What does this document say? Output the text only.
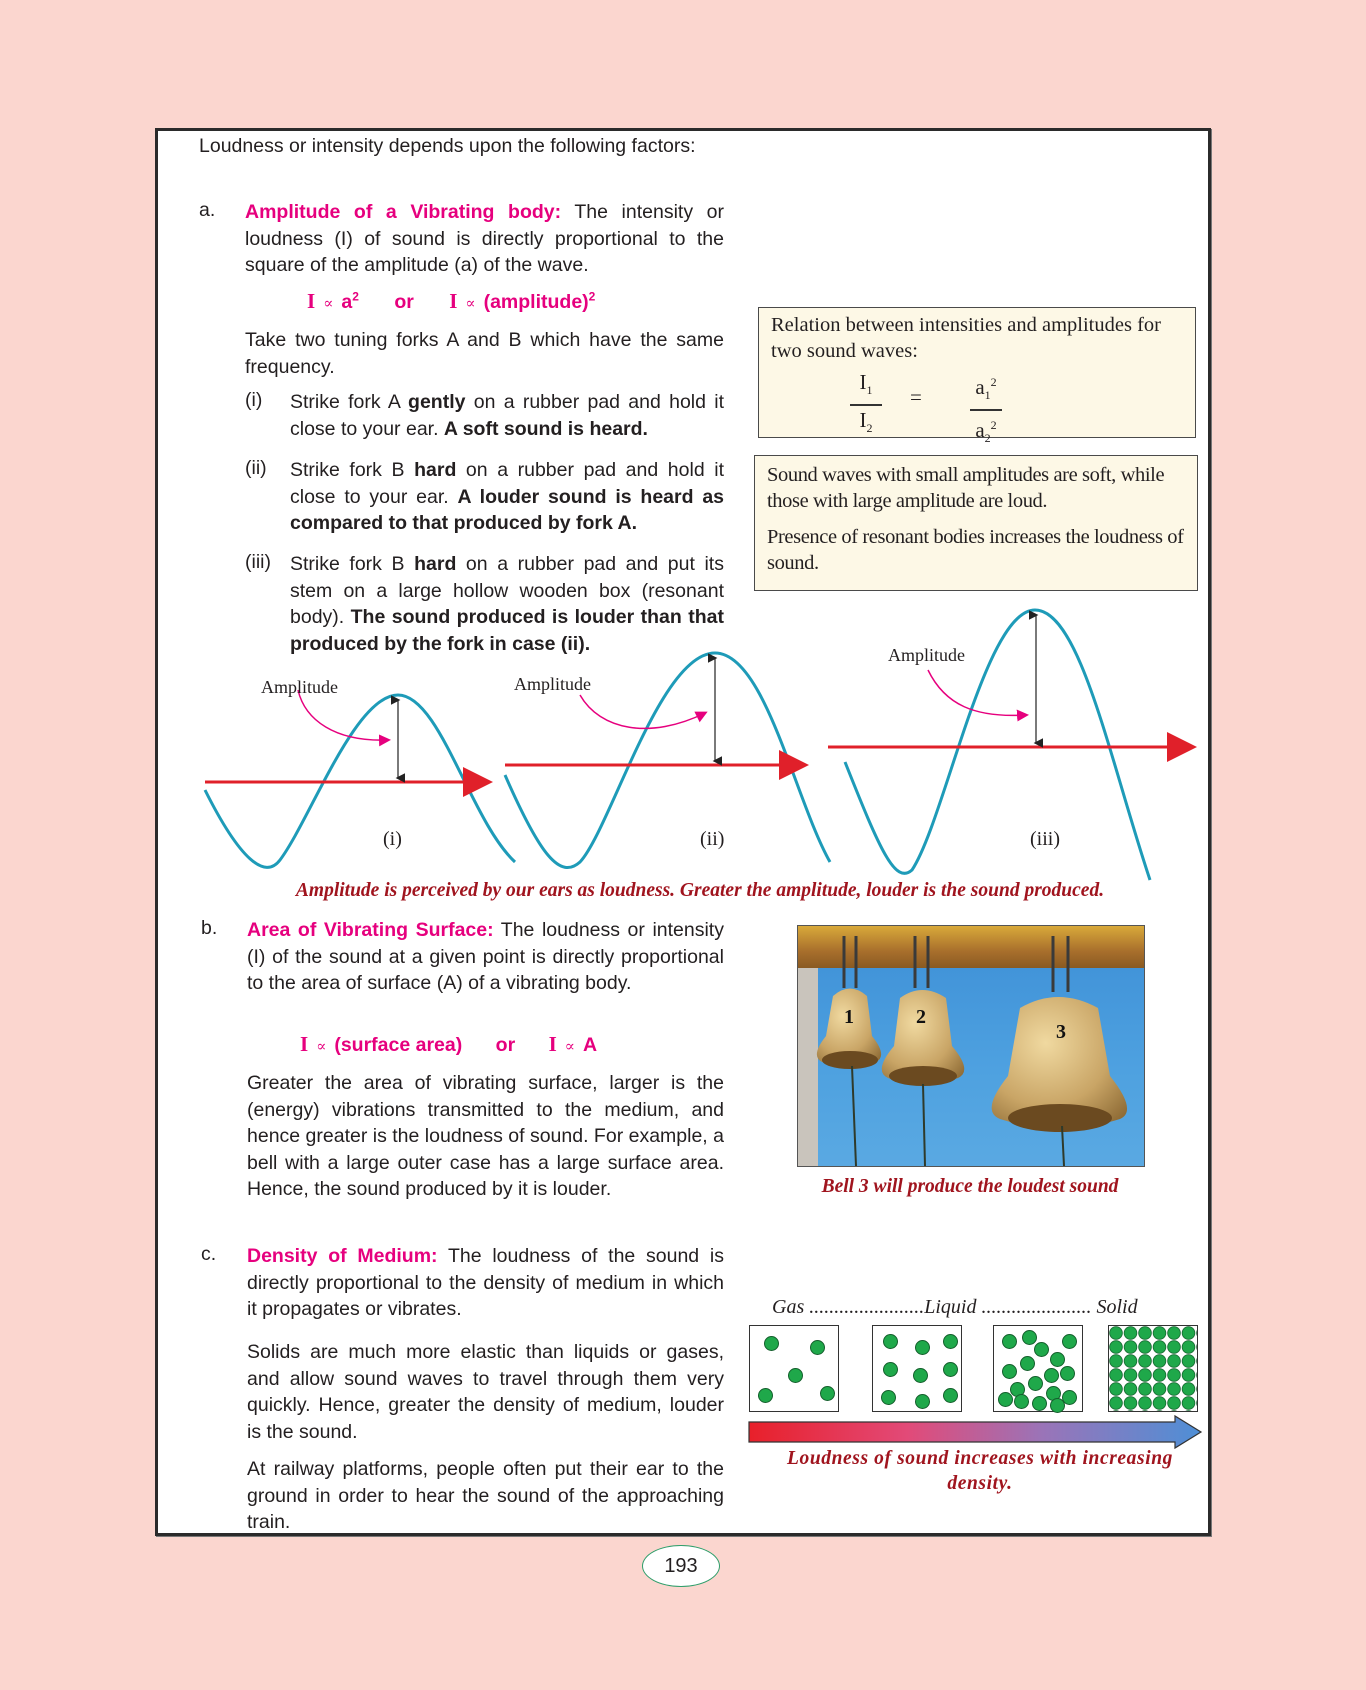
Loudness or intensity depends upon the following factors:
a. Amplitude of a Vibrating body: The intensity or loudness (I) of sound is directly proportional to the square of the amplitude (a) of the wave.
$I \propto a^2$ or I ∝ (amplitude)$^2$
Take two tuning forks A and B which have the same frequency.
(i) Strike fork A gently on a rubber pad and hold it close to your ear. A soft sound is heard.
(ii) Strike fork B hard on a rubber pad and hold it close to your ear. A louder sound is heard as compared to that produced by fork A.
(iii) Strike fork B hard on a rubber pad and put its stem on a large hollow wooden box (resonant body). The sound produced is louder than that produced by the fork in case (ii).
Relation between intensities and amplitudes for two sound waves:
$I_1$
$I_2$
=	$a_1^2$
$a_2^2$
Sound waves with small amplitudes are soft, while those with large amplitude are loud.
Presence of resonant bodies increases the loudness of sound.
Amplitude	Amplitude
Amplitude
(i)	(ii)	(iii)
Amplitude is perceived by our ears as loudness. Greater the amplitude, louder is the sound produced.
b. Area of Vibrating Surface: The loudness or intensity (I) of the sound at a given point is directly proportional to the area of surface (A) of a vibrating body.
I ∝ (surface area) or I ∝ A
Greater the area of vibrating surface, larger is the (energy) vibrations transmitted to the medium, and hence greater is the loudness of sound. For example, a bell with a large outer case has a large surface area. Hence, the sound produced by it is louder.
1	2
3
Bell 3 will produce the loudest sound
c. Density of Medium: The loudness of the sound is directly proportional to the density of medium in which it propagates or vibrates.
Solids are much more elastic than liquids or gases, and allow sound waves to travel through them very quickly. Hence, greater the density of medium, louder is the sound.
At railway platforms, people often put their ear to the ground in order to hear the sound of the approaching train.
Gas .......................Liquid ...................... Solid
Loudness of sound increases with increasing density.
193
